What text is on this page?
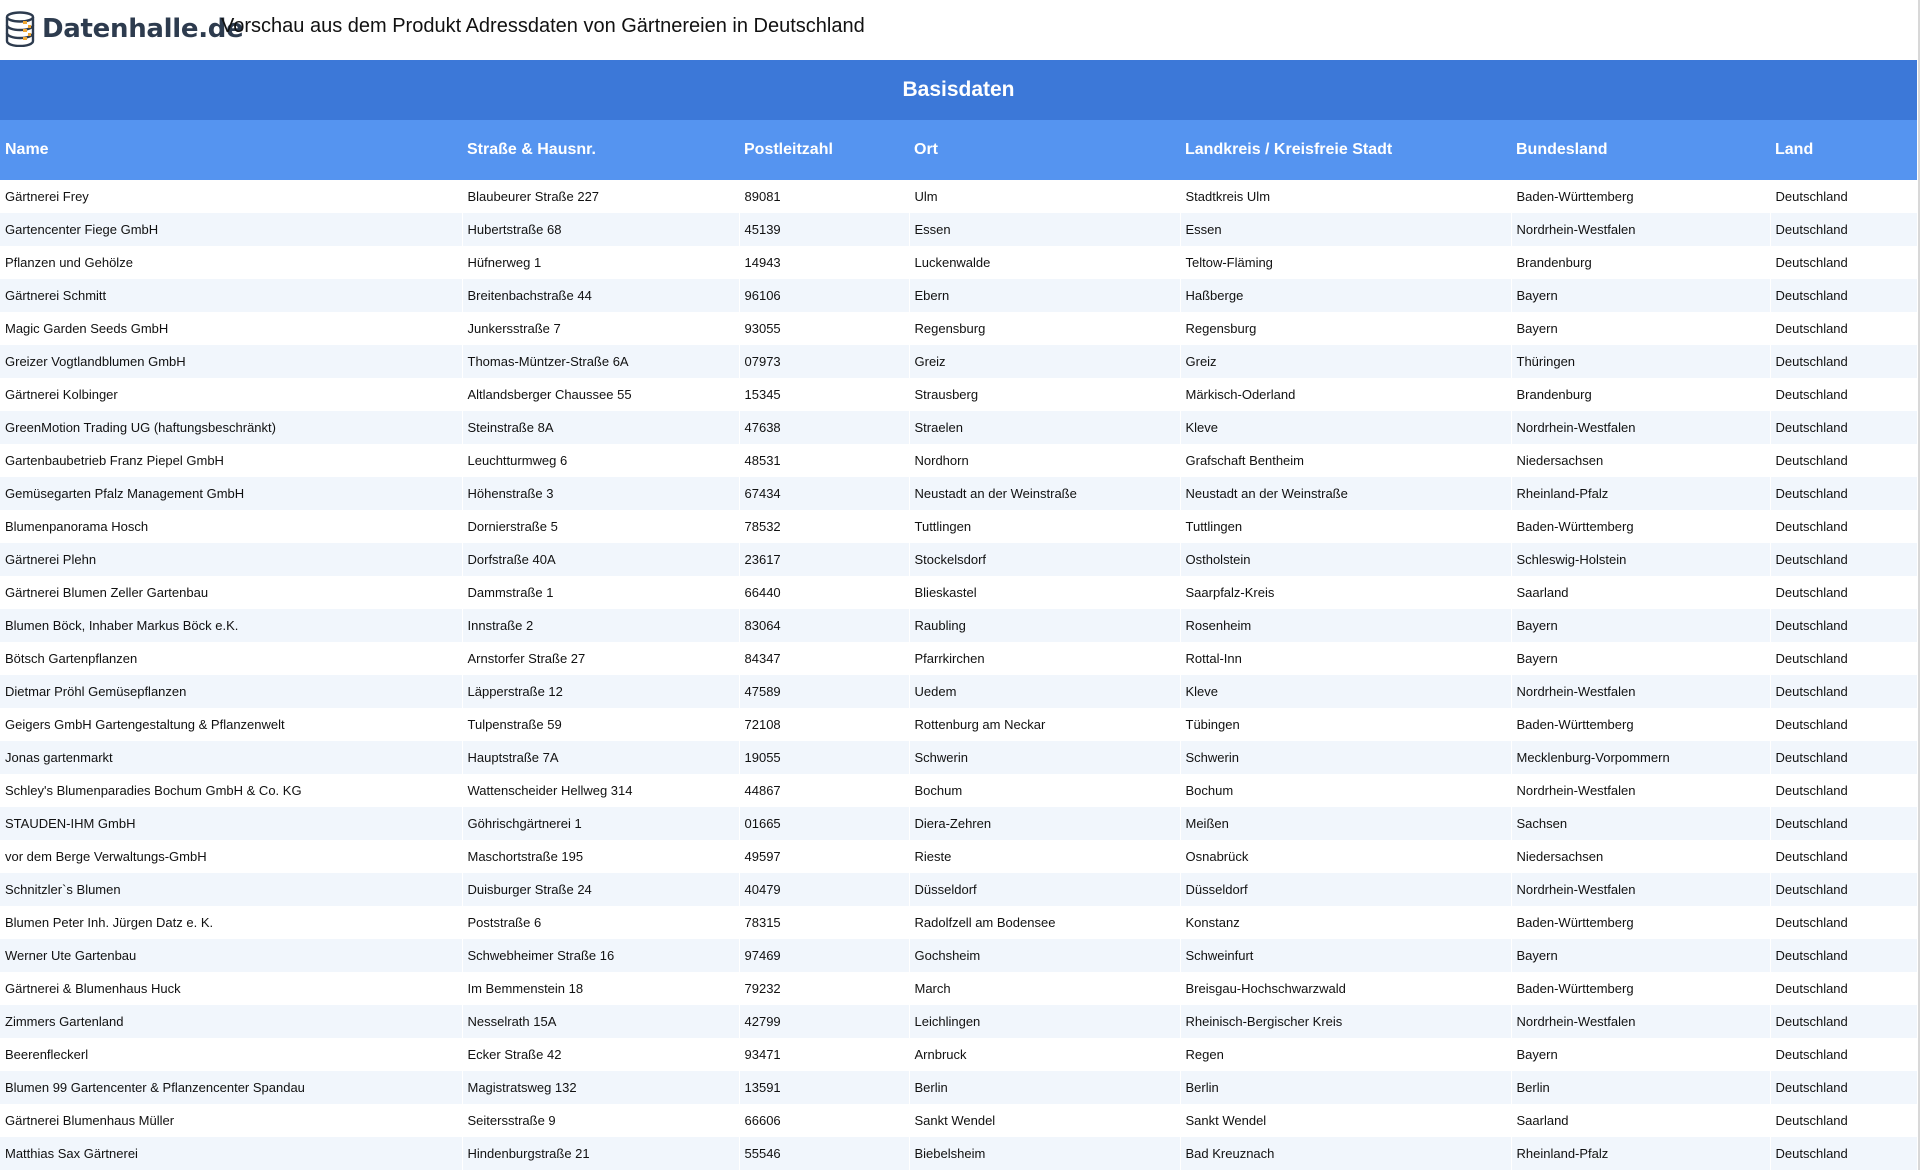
Datenhalle.de
Vorschau aus dem Produkt Adressdaten von Gärtnereien in Deutschland
Basisdaten
Name	Straße & Hausnr.	Postleitzahl	Ort	Landkreis / Kreisfreie Stadt	Bundesland	Land
Gärtnerei Frey	Blaubeurer Straße 227	89081	Ulm	Stadtkreis Ulm	Baden-Württemberg	Deutschland
Gartencenter Fiege GmbH	Hubertstraße 68	45139	Essen	Essen	Nordrhein-Westfalen	Deutschland
Pflanzen und Gehölze	Hüfnerweg 1	14943	Luckenwalde	Teltow-Fläming	Brandenburg	Deutschland
Gärtnerei Schmitt	Breitenbachstraße 44	96106	Ebern	Haßberge	Bayern	Deutschland
Magic Garden Seeds GmbH	Junkersstraße 7	93055	Regensburg	Regensburg	Bayern	Deutschland
Greizer Vogtlandblumen GmbH	Thomas-Müntzer-Straße 6A	07973	Greiz	Greiz	Thüringen	Deutschland
Gärtnerei Kolbinger	Altlandsberger Chaussee 55	15345	Strausberg	Märkisch-Oderland	Brandenburg	Deutschland
GreenMotion Trading UG (haftungsbeschränkt)	Steinstraße 8A	47638	Straelen	Kleve	Nordrhein-Westfalen	Deutschland
Gartenbaubetrieb Franz Piepel GmbH	Leuchtturmweg 6	48531	Nordhorn	Grafschaft Bentheim	Niedersachsen	Deutschland
Gemüsegarten Pfalz Management GmbH	Höhenstraße 3	67434	Neustadt an der Weinstraße	Neustadt an der Weinstraße	Rheinland-Pfalz	Deutschland
Blumenpanorama Hosch	Dornierstraße 5	78532	Tuttlingen	Tuttlingen	Baden-Württemberg	Deutschland
Gärtnerei Plehn	Dorfstraße 40A	23617	Stockelsdorf	Ostholstein	Schleswig-Holstein	Deutschland
Gärtnerei Blumen Zeller Gartenbau	Dammstraße 1	66440	Blieskastel	Saarpfalz-Kreis	Saarland	Deutschland
Blumen Böck, Inhaber Markus Böck e.K.	Innstraße 2	83064	Raubling	Rosenheim	Bayern	Deutschland
Bötsch Gartenpflanzen	Arnstorfer Straße 27	84347	Pfarrkirchen	Rottal-Inn	Bayern	Deutschland
Dietmar Pröhl Gemüsepflanzen	Läpperstraße 12	47589	Uedem	Kleve	Nordrhein-Westfalen	Deutschland
Geigers GmbH Gartengestaltung & Pflanzenwelt	Tulpenstraße 59	72108	Rottenburg am Neckar	Tübingen	Baden-Württemberg	Deutschland
Jonas gartenmarkt	Hauptstraße 7A	19055	Schwerin	Schwerin	Mecklenburg-Vorpommern	Deutschland
Schley's Blumenparadies Bochum GmbH & Co. KG	Wattenscheider Hellweg 314	44867	Bochum	Bochum	Nordrhein-Westfalen	Deutschland
STAUDEN-IHM GmbH	Göhrischgärtnerei 1	01665	Diera-Zehren	Meißen	Sachsen	Deutschland
vor dem Berge Verwaltungs-GmbH	Maschortstraße 195	49597	Rieste	Osnabrück	Niedersachsen	Deutschland
Schnitzler`s Blumen	Duisburger Straße 24	40479	Düsseldorf	Düsseldorf	Nordrhein-Westfalen	Deutschland
Blumen Peter Inh. Jürgen Datz e. K.	Poststraße 6	78315	Radolfzell am Bodensee	Konstanz	Baden-Württemberg	Deutschland
Werner Ute Gartenbau	Schwebheimer Straße 16	97469	Gochsheim	Schweinfurt	Bayern	Deutschland
Gärtnerei & Blumenhaus Huck	Im Bemmenstein 18	79232	March	Breisgau-Hochschwarzwald	Baden-Württemberg	Deutschland
Zimmers Gartenland	Nesselrath 15A	42799	Leichlingen	Rheinisch-Bergischer Kreis	Nordrhein-Westfalen	Deutschland
Beerenfleckerl	Ecker Straße 42	93471	Arnbruck	Regen	Bayern	Deutschland
Blumen 99 Gartencenter & Pflanzencenter Spandau	Magistratsweg 132	13591	Berlin	Berlin	Berlin	Deutschland
Gärtnerei Blumenhaus Müller	Seitersstraße 9	66606	Sankt Wendel	Sankt Wendel	Saarland	Deutschland
Matthias Sax Gärtnerei	Hindenburgstraße 21	55546	Biebelsheim	Bad Kreuznach	Rheinland-Pfalz	Deutschland
